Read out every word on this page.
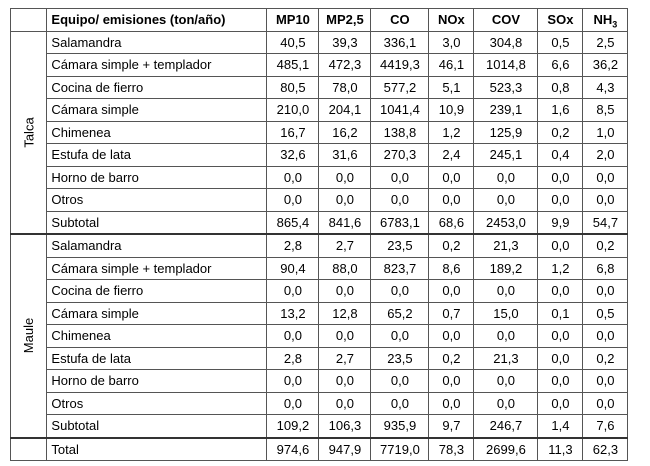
	Equipo/ emisiones (ton/año)	MP10	MP2,5	CO	NOx	COV	SOx	$NH_3$
Talca	Salamandra	40,5	39,3	336,1	3,0	304,8	0,5	2,5
	Cámara simple + templador	485,1	472,3	4419,3	46,1	1014,8	6,6	36,2
	Cocina de fierro	80,5	78,0	577,2	5,1	523,3	0,8	4,3
	Cámara simple	210,0	204,1	1041,4	10,9	239,1	1,6	8,5
	Chimenea	16,7	16,2	138,8	1,2	125,9	0,2	1,0
	Estufa de lata	32,6	31,6	270,3	2,4	245,1	0,4	2,0
	Horno de barro	0,0	0,0	0,0	0,0	0,0	0,0	0,0
	Otros	0,0	0,0	0,0	0,0	0,0	0,0	0,0
	Subtotal	865,4	841,6	6783,1	68,6	2453,0	9,9	54,7
Maule	Salamandra	2,8	2,7	23,5	0,2	21,3	0,0	0,2
	Cámara simple + templador	90,4	88,0	823,7	8,6	189,2	1,2	6,8
	Cocina de fierro	0,0	0,0	0,0	0,0	0,0	0,0	0,0
	Cámara simple	13,2	12,8	65,2	0,7	15,0	0,1	0,5
	Chimenea	0,0	0,0	0,0	0,0	0,0	0,0	0,0
	Estufa de lata	2,8	2,7	23,5	0,2	21,3	0,0	0,2
	Horno de barro	0,0	0,0	0,0	0,0	0,0	0,0	0,0
	Otros	0,0	0,0	0,0	0,0	0,0	0,0	0,0
	Subtotal	109,2	106,3	935,9	9,7	246,7	1,4	7,6
	Total	974,6	947,9	7719,0	78,3	2699,6	11,3	62,3
